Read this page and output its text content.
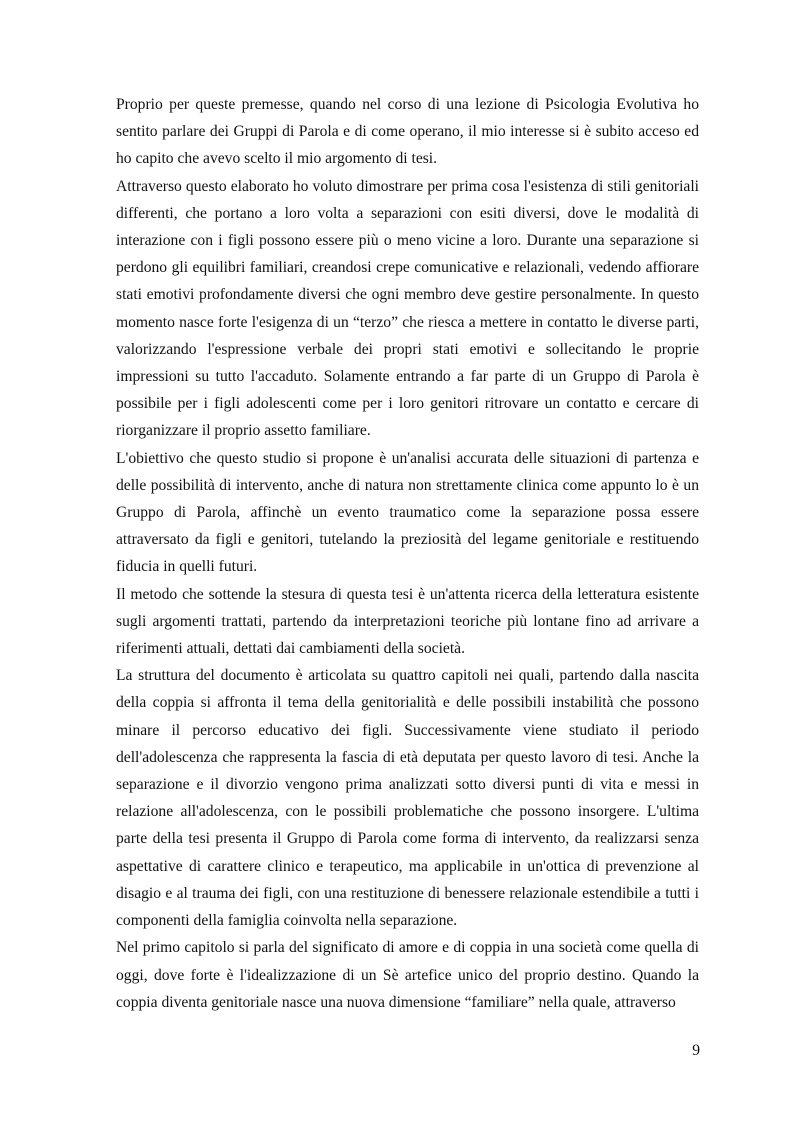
Proprio per queste premesse, quando nel corso di una lezione di Psicologia Evolutiva ho sentito parlare dei Gruppi di Parola e di come operano, il mio interesse si è subito acceso ed ho capito che avevo scelto il mio argomento di tesi.

Attraverso questo elaborato ho voluto dimostrare per prima cosa l'esistenza di stili genitoriali differenti, che portano a loro volta a separazioni con esiti diversi, dove le modalità di interazione con i figli possono essere più o meno vicine a loro. Durante una separazione si perdono gli equilibri familiari, creandosi crepe comunicative e relazionali, vedendo affiorare stati emotivi profondamente diversi che ogni membro deve gestire personalmente. In questo momento nasce forte l'esigenza di un “terzo” che riesca a mettere in contatto le diverse parti, valorizzando l'espressione verbale dei propri stati emotivi e sollecitando le proprie impressioni su tutto l'accaduto. Solamente entrando a far parte di un Gruppo di Parola è possibile per i figli adolescenti come per i loro genitori ritrovare un contatto e cercare di riorganizzare il proprio assetto familiare.

L'obiettivo che questo studio si propone è un'analisi accurata delle situazioni di partenza e delle possibilità di intervento, anche di natura non strettamente clinica come appunto lo è un Gruppo di Parola, affinchè un evento traumatico come la separazione possa essere attraversato da figli e genitori, tutelando la preziosità del legame genitoriale e restituendo fiducia in quelli futuri.

Il metodo che sottende la stesura di questa tesi è un'attenta ricerca della letteratura esistente sugli argomenti trattati, partendo da interpretazioni teoriche più lontane fino ad arrivare a riferimenti attuali, dettati dai cambiamenti della società.

La struttura del documento è articolata su quattro capitoli nei quali, partendo dalla nascita della coppia si affronta il tema della genitorialità e delle possibili instabilità che possono minare il percorso educativo dei figli. Successivamente viene studiato il periodo dell'adolescenza che rappresenta la fascia di età deputata per questo lavoro di tesi. Anche la separazione e il divorzio vengono prima analizzati sotto diversi punti di vita e messi in relazione all'adolescenza, con le possibili problematiche che possono insorgere. L'ultima parte della tesi presenta il Gruppo di Parola come forma di intervento, da realizzarsi senza aspettative di carattere clinico e terapeutico, ma applicabile in un'ottica di prevenzione al disagio e al trauma dei figli, con una restituzione di benessere relazionale estendibile a tutti i componenti della famiglia coinvolta nella separazione.

Nel primo capitolo si parla del significato di amore e di coppia in una società come quella di oggi, dove forte è l'idealizzazione di un Sè artefice unico del proprio destino. Quando la coppia diventa genitoriale nasce una nuova dimensione “familiare” nella quale, attraverso

9
